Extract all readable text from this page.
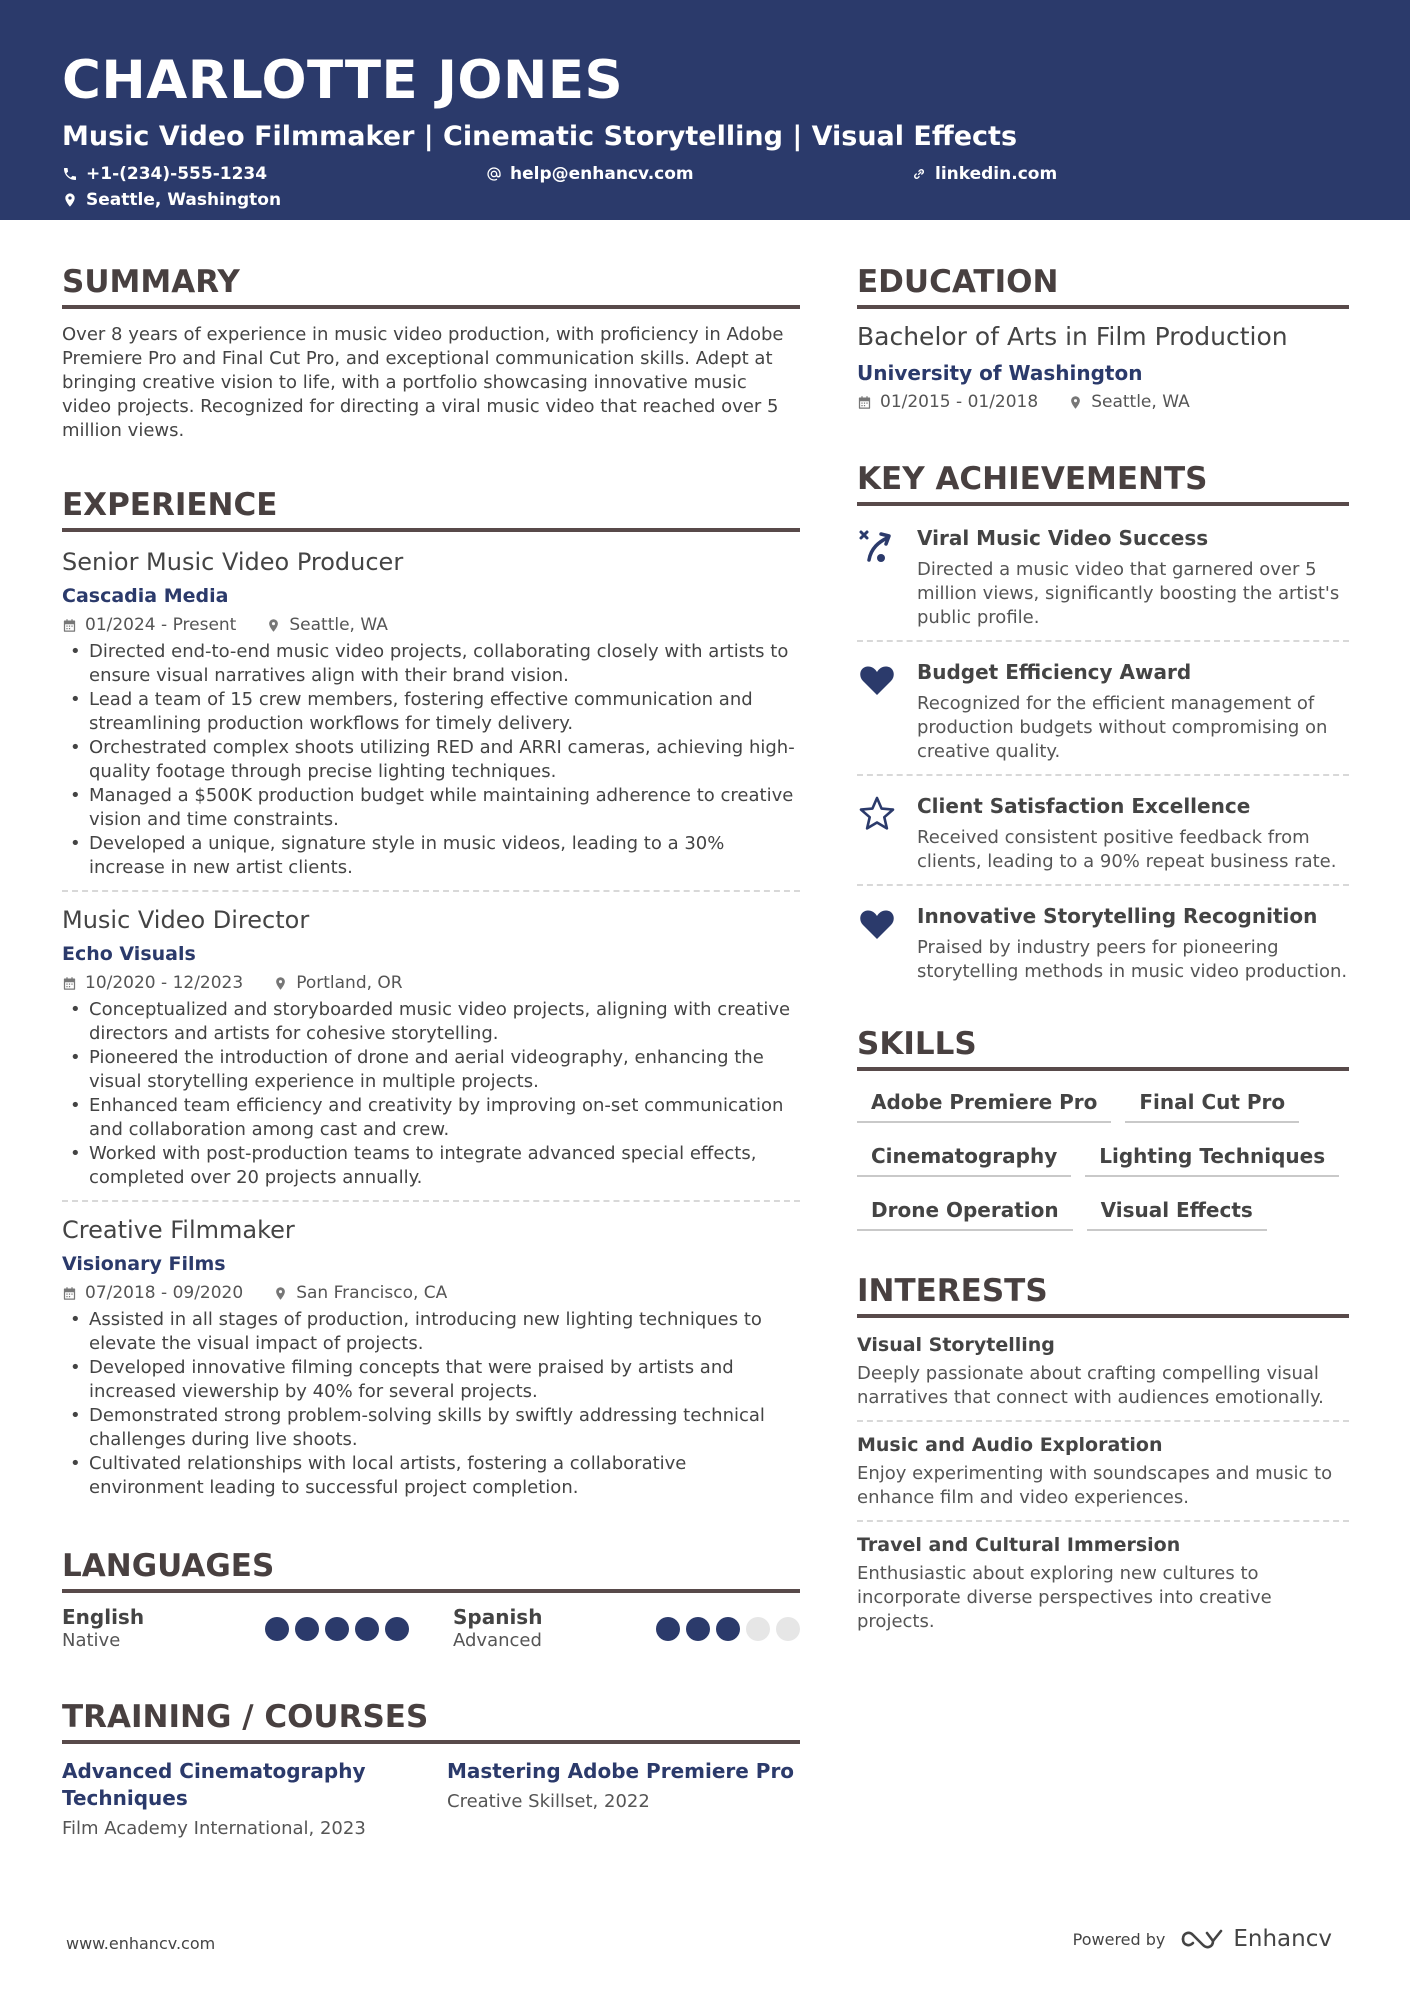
CHARLOTTE JONES
Music Video Filmmaker | Cinematic Storytelling | Visual Effects
+1-(234)-555-1234	help@enhancv.com	linkedin.com
Seattle, Washington
SUMMARY

Over 8 years of experience in music video production, with proficiency in Adobe Premiere Pro and Final Cut Pro, and exceptional communication skills. Adept at bringing creative vision to life, with a portfolio showcasing innovative music video projects. Recognized for directing a viral music video that reached over 5 million views.

EXPERIENCE
Senior Music Video Producer
Cascadia Media
01/2024 - Present	Seattle, WA
• Directed end-to-end music video projects, collaborating closely with artists to ensure visual narratives align with their brand vision.
• Lead a team of 15 crew members, fostering effective communication and streamlining production workflows for timely delivery.
• Orchestrated complex shoots utilizing RED and ARRI cameras, achieving high-quality footage through precise lighting techniques.
• Managed a $500K production budget while maintaining adherence to creative vision and time constraints.
• Developed a unique, signature style in music videos, leading to a 30% increase in new artist clients.
Music Video Director
Echo Visuals
10/2020 - 12/2023	Portland, OR
• Conceptualized and storyboarded music video projects, aligning with creative directors and artists for cohesive storytelling.
• Pioneered the introduction of drone and aerial videography, enhancing the visual storytelling experience in multiple projects.
• Enhanced team efficiency and creativity by improving on-set communication and collaboration among cast and crew.
• Worked with post-production teams to integrate advanced special effects, completed over 20 projects annually.
Creative Filmmaker
Visionary Films
07/2018 - 09/2020	San Francisco, CA
• Assisted in all stages of production, introducing new lighting techniques to elevate the visual impact of projects.
• Developed innovative filming concepts that were praised by artists and increased viewership by 40% for several projects.
• Demonstrated strong problem-solving skills by swiftly addressing technical challenges during live shoots.
• Cultivated relationships with local artists, fostering a collaborative environment leading to successful project completion.
LANGUAGES
English
Native
Spanish
Advanced
TRAINING / COURSES
Advanced Cinematography Techniques
Film Academy International, 2023
Mastering Adobe Premiere Pro
Creative Skillset, 2022
EDUCATION
Bachelor of Arts in Film Production
University of Washington
01/2015 - 01/2018	Seattle, WA
KEY ACHIEVEMENTS
Viral Music Video Success
Directed a music video that garnered over 5 million views, significantly boosting the artist's public profile.
Budget Efficiency Award
Recognized for the efficient management of production budgets without compromising on creative quality.
Client Satisfaction Excellence
Received consistent positive feedback from clients, leading to a 90% repeat business rate.
Innovative Storytelling Recognition
Praised by industry peers for pioneering storytelling methods in music video production.
SKILLS
Adobe Premiere Pro	Final Cut Pro
Cinematography	Lighting Techniques
Drone Operation	Visual Effects
INTERESTS
Visual Storytelling
Deeply passionate about crafting compelling visual narratives that connect with audiences emotionally.
Music and Audio Exploration
Enjoy experimenting with soundscapes and music to enhance film and video experiences.
Travel and Cultural Immersion
Enthusiastic about exploring new cultures to incorporate diverse perspectives into creative projects.
www.enhancv.com	Powered by	Enhancv
